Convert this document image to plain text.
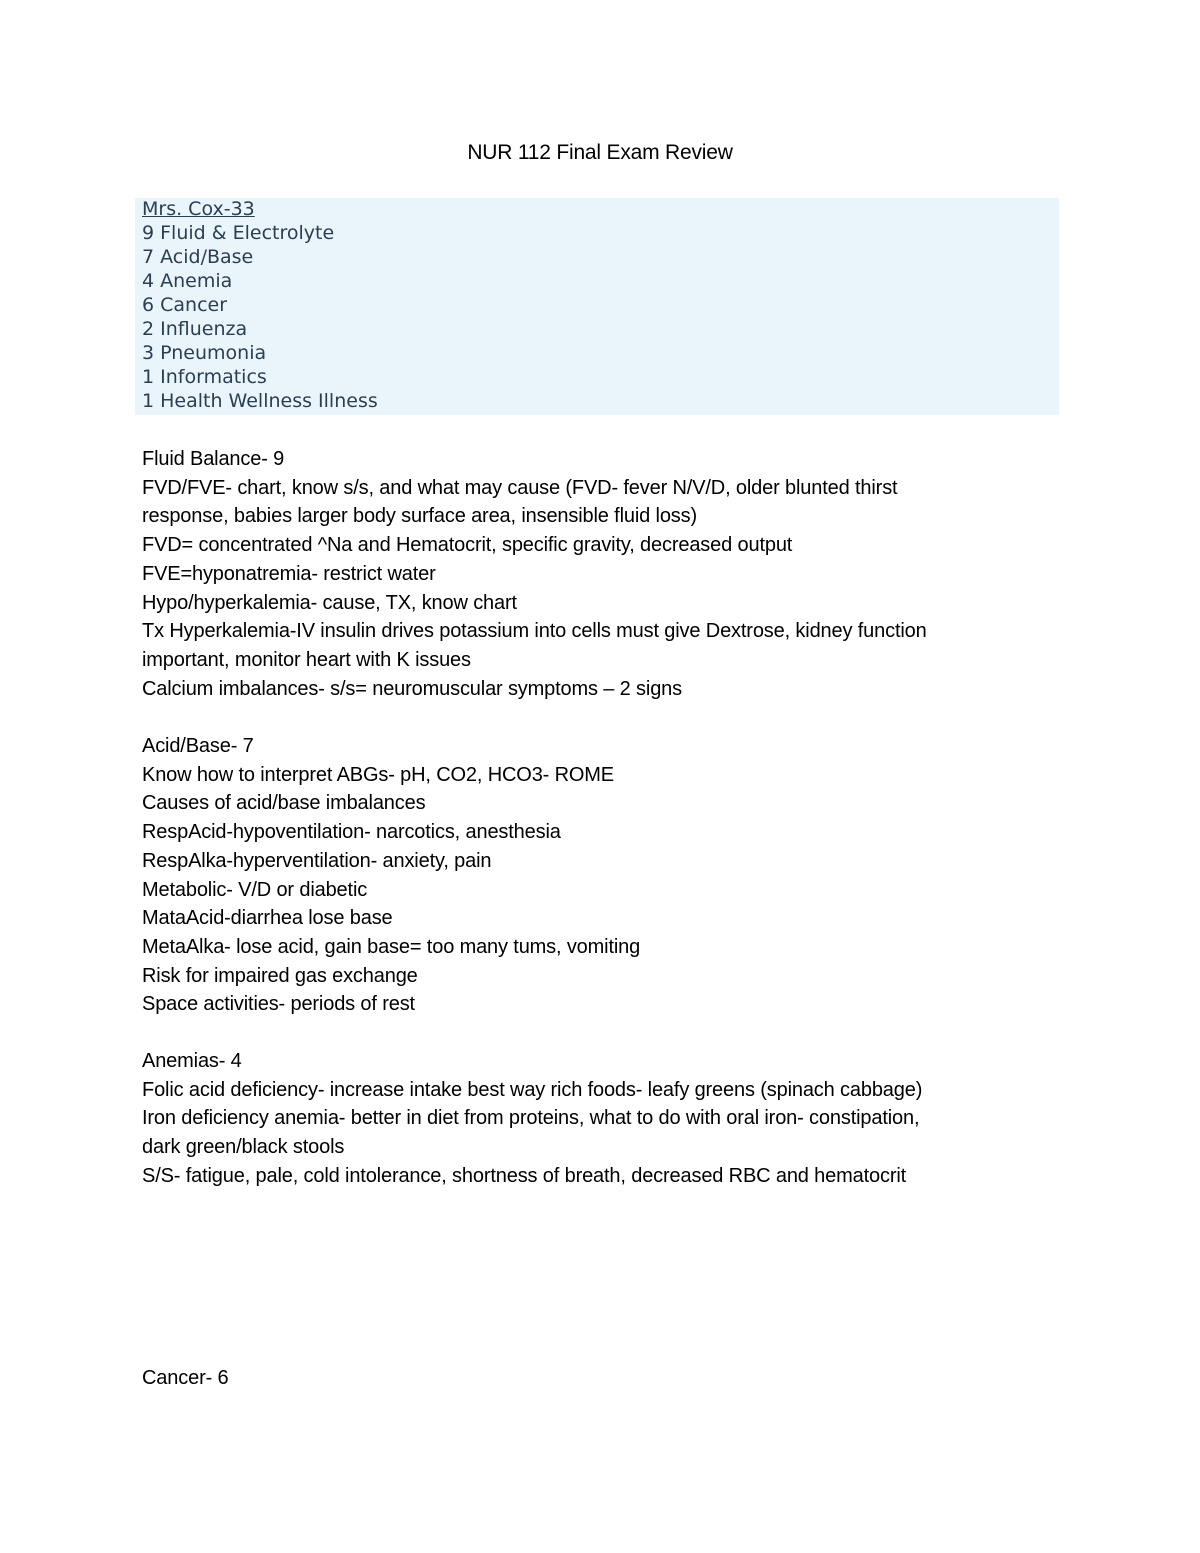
NUR 112 Final Exam Review
Mrs. Cox-33
9 Fluid & Electrolyte
7 Acid/Base
4 Anemia
6 Cancer
2 Influenza
3 Pneumonia
1 Informatics
1 Health Wellness Illness
Fluid Balance- 9
FVD/FVE- chart, know s/s, and what may cause (FVD- fever N/V/D, older blunted thirst
response, babies larger body surface area, insensible fluid loss)
FVD= concentrated ^Na and Hematocrit, specific gravity, decreased output
FVE=hyponatremia- restrict water
Hypo/hyperkalemia- cause, TX, know chart
Tx Hyperkalemia-IV insulin drives potassium into cells must give Dextrose, kidney function
important, monitor heart with K issues
Calcium imbalances- s/s= neuromuscular symptoms – 2 signs
Acid/Base- 7
Know how to interpret ABGs- pH, CO2, HCO3- ROME
Causes of acid/base imbalances
RespAcid-hypoventilation- narcotics, anesthesia
RespAlka-hyperventilation- anxiety, pain
Metabolic- V/D or diabetic
MataAcid-diarrhea lose base
MetaAlka- lose acid, gain base= too many tums, vomiting
Risk for impaired gas exchange
Space activities- periods of rest
Anemias- 4
Folic acid deficiency- increase intake best way rich foods- leafy greens (spinach cabbage)
Iron deficiency anemia- better in diet from proteins, what to do with oral iron- constipation,
dark green/black stools
S/S- fatigue, pale, cold intolerance, shortness of breath, decreased RBC and hematocrit
Cancer- 6
